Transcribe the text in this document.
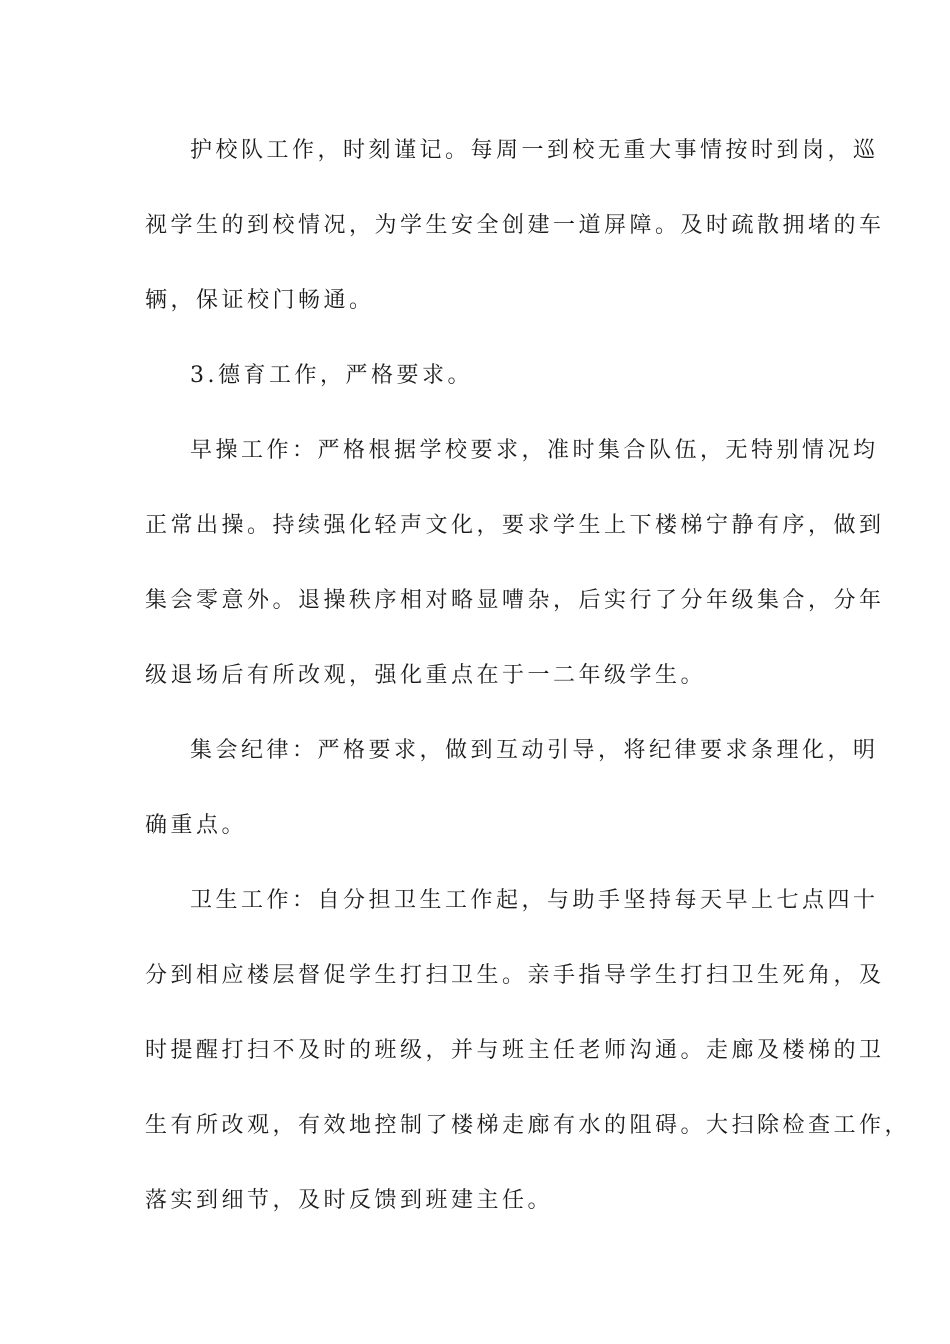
护校队工作，时刻谨记。每周一到校无重大事情按时到岗，巡
视学生的到校情况，为学生安全创建一道屏障。及时疏散拥堵的车
辆，保证校门畅通。
3.德育工作，严格要求。
早操工作：严格根据学校要求，准时集合队伍，无特别情况均
正常出操。持续强化轻声文化，要求学生上下楼梯宁静有序，做到
集会零意外。退操秩序相对略显嘈杂，后实行了分年级集合，分年
级退场后有所改观，强化重点在于一二年级学生。
集会纪律：严格要求，做到互动引导，将纪律要求条理化，明
确重点。
卫生工作：自分担卫生工作起，与助手坚持每天早上七点四十
分到相应楼层督促学生打扫卫生。亲手指导学生打扫卫生死角，及
时提醒打扫不及时的班级，并与班主任老师沟通。走廊及楼梯的卫
生有所改观，有效地控制了楼梯走廊有水的阻碍。大扫除检查工作，
落实到细节，及时反馈到班建主任。
